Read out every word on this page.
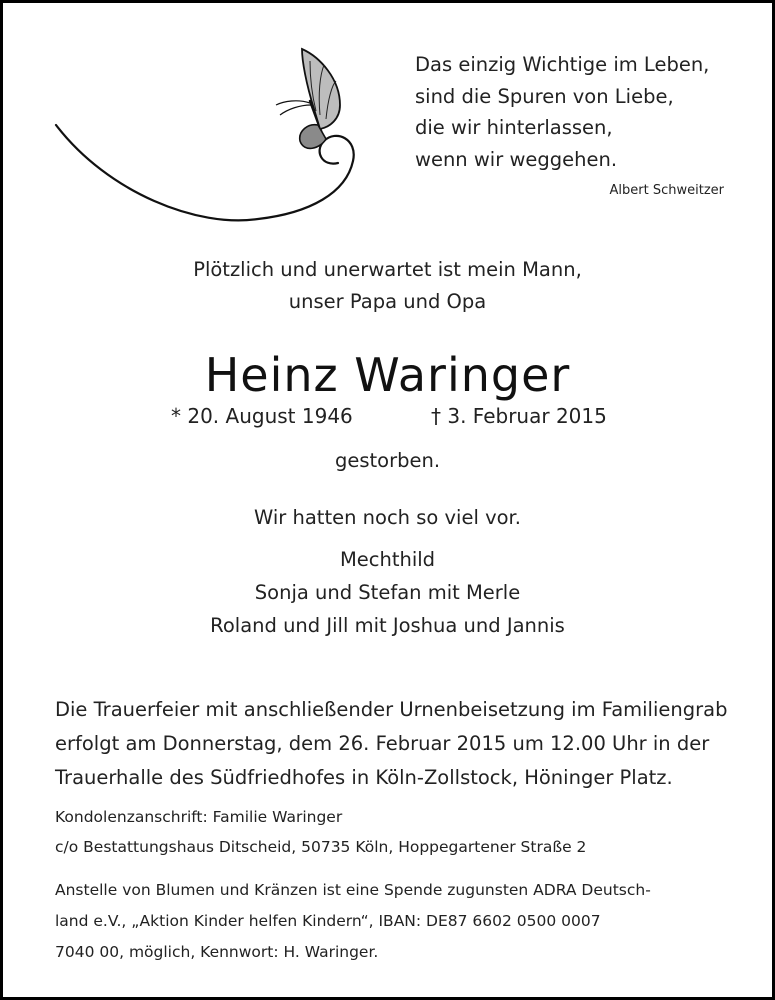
Das einzig Wichtige im Leben,
sind die Spuren von Liebe,
die wir hinterlassen,
wenn wir weggehen.
Albert Schweitzer
Plötzlich und unerwartet ist mein Mann,
unser Papa und Opa
Heinz Waringer
* 20. August 1946	† 3. Februar 2015
gestorben.
Wir hatten noch so viel vor.
Mechthild
Sonja und Stefan mit Merle
Roland und Jill mit Joshua und Jannis
Die Trauerfeier mit anschließender Urnenbeisetzung im Familiengrab
erfolgt am Donnerstag, dem 26. Februar 2015 um 12.00 Uhr in der
Trauerhalle des Südfriedhofes in Köln-Zollstock, Höninger Platz.
Kondolenzanschrift: Familie Waringer
c/o Bestattungshaus Ditscheid, 50735 Köln, Hoppegartener Straße 2
Anstelle von Blumen und Kränzen ist eine Spende zugunsten ADRA Deutsch-
land e.V., „Aktion Kinder helfen Kindern“, IBAN: DE87 6602 0500 0007
7040 00, möglich, Kennwort: H. Waringer.
